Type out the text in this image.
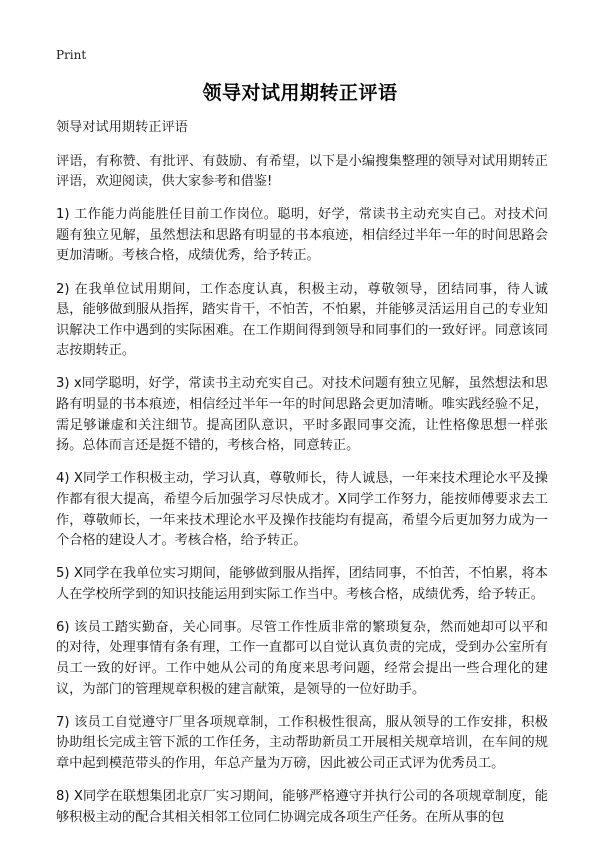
Print
领导对试用期转正评语

领导对试用期转正评语

评语，有称赞、有批评、有鼓励、有希望，以下是小编搜集整理的领导对试用期转正评语，欢迎阅读，供大家参考和借鉴!

1) 工作能力尚能胜任目前工作岗位。聪明，好学，常读书主动充实自己。对技术问题有独立见解，虽然想法和思路有明显的书本痕迹，相信经过半年一年的时间思路会更加清晰。考核合格，成绩优秀，给予转正。

2) 在我单位试用期间，工作态度认真，积极主动，尊敬领导，团结同事，待人诚恳，能够做到服从指挥，踏实肯干，不怕苦，不怕累，并能够灵活运用自己的专业知识解决工作中遇到的实际困难。在工作期间得到领导和同事们的一致好评。同意该同志按期转正。

3) x同学聪明，好学，常读书主动充实自己。对技术问题有独立见解，虽然想法和思路有明显的书本痕迹，相信经过半年一年的时间思路会更加清晰。唯实践经验不足，需足够谦虚和关注细节。提高团队意识，平时多跟同事交流，让性格像思想一样张扬。总体而言还是挺不错的，考核合格，同意转正。

4) X同学工作积极主动，学习认真，尊敬师长，待人诚恳，一年来技术理论水平及操作都有很大提高，希望今后加强学习尽快成才。X同学工作努力，能按师傅要求去工作，尊敬师长，一年来技术理论水平及操作技能均有提高，希望今后更加努力成为一个合格的建设人才。考核合格，给予转正。

5) X同学在我单位实习期间，能够做到服从指挥，团结同事，不怕苦，不怕累，将本人在学校所学到的知识技能运用到实际工作当中。考核合格，成绩优秀，给予转正。

6) 该员工踏实勤奋，关心同事。尽管工作性质非常的繁琐复杂，然而她却可以平和的对待，处理事情有条有理，工作一直都可以自觉认真负责的完成，受到办公室所有员工一致的好评。工作中她从公司的角度来思考问题，经常会提出一些合理化的建议，为部门的管理规章积极的建言献策，是领导的一位好助手。

7) 该员工自觉遵守厂里各项规章制，工作积极性很高，服从领导的工作安排，积极协助组长完成主管下派的工作任务，主动帮助新员工开展相关规章培训，在车间的规章中起到模范带头的作用，年总产量为万磅，因此被公司正式评为优秀员工。

8) X同学在联想集团北京厂实习期间，能够严格遵守并执行公司的各项规章制度，能够积极主动的配合其相关相邻工位同仁协调完成各项生产任务。在所从事的包
